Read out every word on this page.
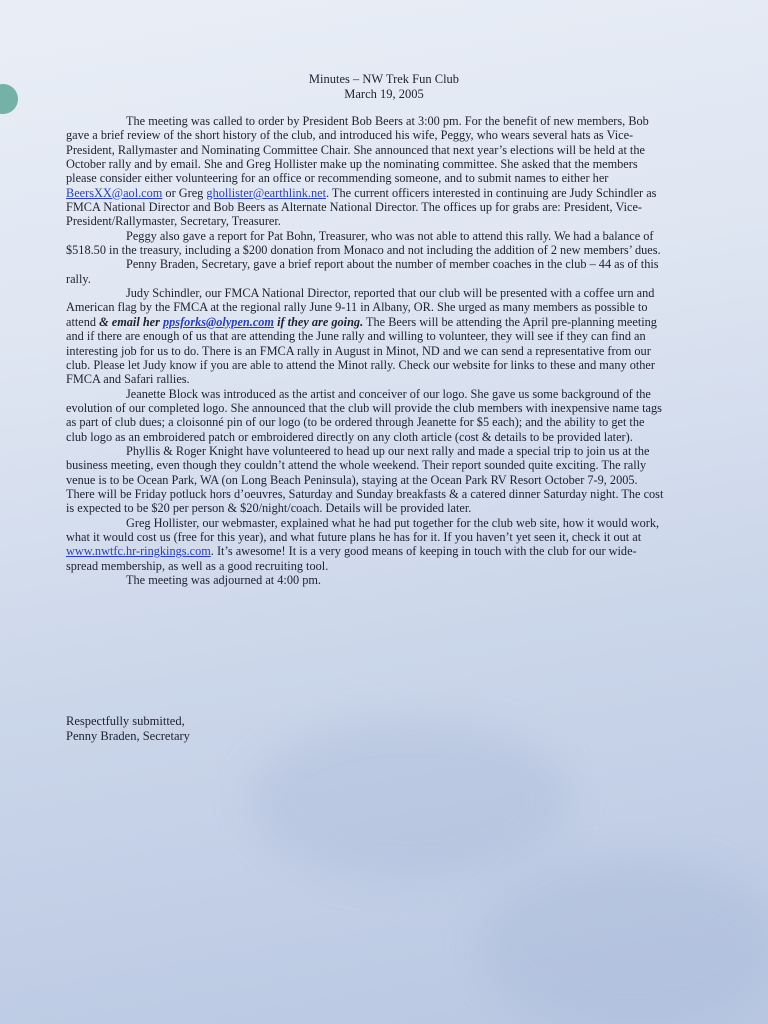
Minutes – NW Trek Fun Club
March 19, 2005

The meeting was called to order by President Bob Beers at 3:00 pm. For the benefit of new members, Bob gave a brief review of the short history of the club, and introduced his wife, Peggy, who wears several hats as Vice-President, Rallymaster and Nominating Committee Chair. She announced that next year’s elections will be held at the October rally and by email. She and Greg Hollister make up the nominating committee. She asked that the members please consider either volunteering for an office or recommending someone, and to submit names to either her BeersXX@aol.com or Greg ghollister@earthlink.net. The current officers interested in continuing are Judy Schindler as FMCA National Director and Bob Beers as Alternate National Director. The offices up for grabs are: President, Vice-President/Rallymaster, Secretary, Treasurer.

Peggy also gave a report for Pat Bohn, Treasurer, who was not able to attend this rally. We had a balance of $518.50 in the treasury, including a $200 donation from Monaco and not including the addition of 2 new members’ dues.

Penny Braden, Secretary, gave a brief report about the number of member coaches in the club – 44 as of this rally.

Judy Schindler, our FMCA National Director, reported that our club will be presented with a coffee urn and American flag by the FMCA at the regional rally June 9-11 in Albany, OR. She urged as many members as possible to attend & email her ppsforks@olypen.com if they are going. The Beers will be attending the April pre-planning meeting and if there are enough of us that are attending the June rally and willing to volunteer, they will see if they can find an interesting job for us to do. There is an FMCA rally in August in Minot, ND and we can send a representative from our club. Please let Judy know if you are able to attend the Minot rally. Check our website for links to these and many other FMCA and Safari rallies.

Jeanette Block was introduced as the artist and conceiver of our logo. She gave us some background of the evolution of our completed logo. She announced that the club will provide the club members with inexpensive name tags as part of club dues; a cloisonné pin of our logo (to be ordered through Jeanette for $5 each); and the ability to get the club logo as an embroidered patch or embroidered directly on any cloth article (cost & details to be provided later).

Phyllis & Roger Knight have volunteered to head up our next rally and made a special trip to join us at the business meeting, even though they couldn’t attend the whole weekend. Their report sounded quite exciting. The rally venue is to be Ocean Park, WA (on Long Beach Peninsula), staying at the Ocean Park RV Resort October 7-9, 2005. There will be Friday potluck hors d’oeuvres, Saturday and Sunday breakfasts & a catered dinner Saturday night. The cost is expected to be $20 per person & $20/night/coach. Details will be provided later.

Greg Hollister, our webmaster, explained what he had put together for the club web site, how it would work, what it would cost us (free for this year), and what future plans he has for it. If you haven’t yet seen it, check it out at www.nwtfc.hr-ringkings.com. It’s awesome! It is a very good means of keeping in touch with the club for our wide-spread membership, as well as a good recruiting tool.

The meeting was adjourned at 4:00 pm.

Respectfully submitted,
Penny Braden, Secretary
